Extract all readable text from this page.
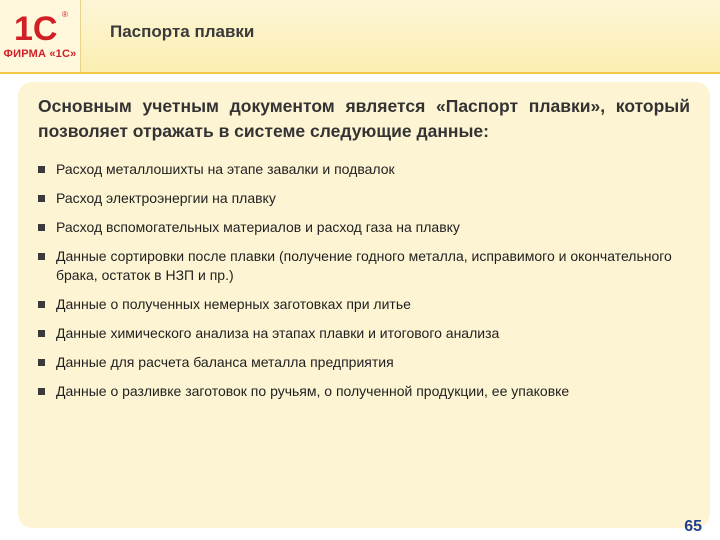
1С ®
ФИРМА «1С»
Паспорта плавки
Основным учетным документом является «Паспорт плавки», который позволяет отражать в системе следующие данные:
Расход металлошихты на этапе завалки и подвалок
Расход электроэнергии на плавку
Расход вспомогательных материалов и расход газа на плавку
Данные сортировки после плавки (получение годного металла, исправимого и окончательного брака, остаток в НЗП и пр.)
Данные о полученных немерных заготовках при литье
Данные химического анализа на этапах плавки и итогового анализа
Данные для расчета баланса металла предприятия
Данные о разливке заготовок по ручьям, о полученной продукции, ее упаковке
65
